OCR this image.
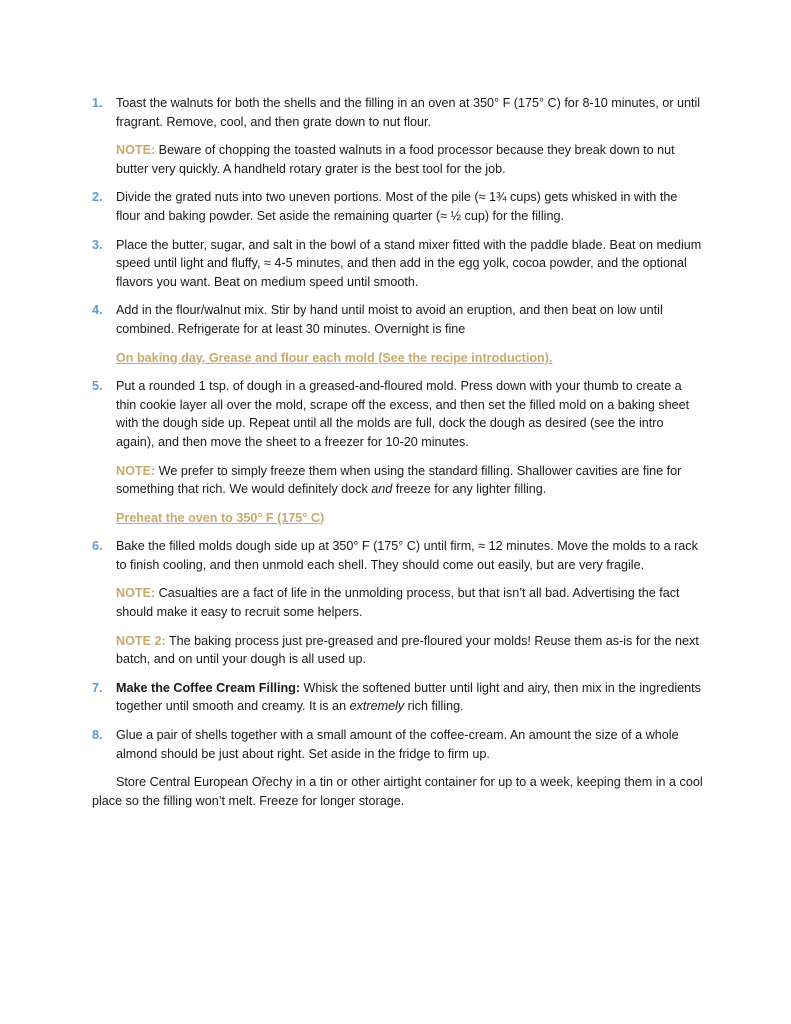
1.	Toast the walnuts for both the shells and the filling in an oven at 350° F (175° C) for 8-10 minutes, or until fragrant. Remove, cool, and then grate down to nut flour.
NOTE: Beware of chopping the toasted walnuts in a food processor because they break down to nut butter very quickly. A handheld rotary grater is the best tool for the job.
2.	Divide the grated nuts into two uneven portions. Most of the pile (≈ 1¾ cups) gets whisked in with the flour and baking powder. Set aside the remaining quarter (≈ ½ cup) for the filling.
3.	Place the butter, sugar, and salt in the bowl of a stand mixer fitted with the paddle blade. Beat on medium speed until light and fluffy, ≈ 4-5 minutes, and then add in the egg yolk, cocoa powder, and the optional flavors you want. Beat on medium speed until smooth.
4.	Add in the flour/walnut mix. Stir by hand until moist to avoid an eruption, and then beat on low until combined. Refrigerate for at least 30 minutes. Overnight is fine
On baking day, Grease and flour each mold (See the recipe introduction).
5.	Put a rounded 1 tsp. of dough in a greased-and-floured mold. Press down with your thumb to create a thin cookie layer all over the mold, scrape off the excess, and then set the filled mold on a baking sheet with the dough side up. Repeat until all the molds are full, dock the dough as desired (see the intro again), and then move the sheet to a freezer for 10-20 minutes.
NOTE: We prefer to simply freeze them when using the standard filling. Shallower cavities are fine for something that rich. We would definitely dock and freeze for any lighter filling.
Preheat the oven to 350° F (175° C)
6.	Bake the filled molds dough side up at 350° F (175° C) until firm, ≈ 12 minutes. Move the molds to a rack to finish cooling, and then unmold each shell. They should come out easily, but are very fragile.
NOTE: Casualties are a fact of life in the unmolding process, but that isn’t all bad. Advertising the fact should make it easy to recruit some helpers.
NOTE 2: The baking process just pre-greased and pre-floured your molds! Reuse them as-is for the next batch, and on until your dough is all used up.
7.	Make the Coffee Cream Filling: Whisk the softened butter until light and airy, then mix in the ingredients together until smooth and creamy. It is an extremely rich filling.
8.	Glue a pair of shells together with a small amount of the coffee-cream. An amount the size of a whole almond should be just about right. Set aside in the fridge to firm up.

Store Central European Ořechy in a tin or other airtight container for up to a week, keeping them in a cool place so the filling won’t melt. Freeze for longer storage.
